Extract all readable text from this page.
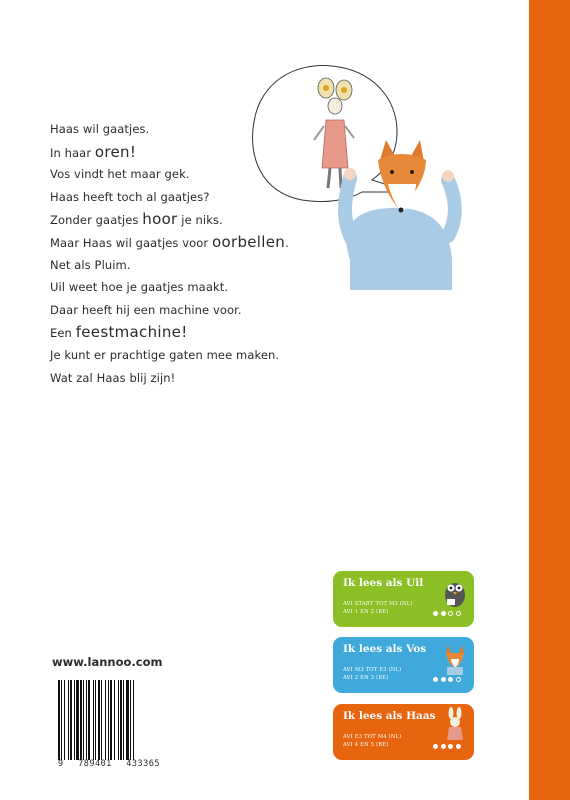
Haas wil gaatjes.
In haar oren!
Vos vindt het maar gek.
Haas heeft toch al gaatjes?
Zonder gaatjes hoor je niks.
Maar Haas wil gaatjes voor oorbellen.
Net als Pluim.
Uil weet hoe je gaatjes maakt.
Daar heeft hij een machine voor.
Een feestmachine!
Je kunt er prachtige gaten mee maken.
Wat zal Haas blij zijn!
www.lannoo.com
9 789401 433365
Ik lees als Uil
AVI START TOT M3 (NL)
AVI 1 EN 2 (BE)
Ik lees als Vos
AVI M3 TOT E3 (NL)
AVI 2 EN 3 (BE)
Ik lees als Haas
AVI E3 TOT M4 (NL)
AVI 4 EN 5 (BE)
